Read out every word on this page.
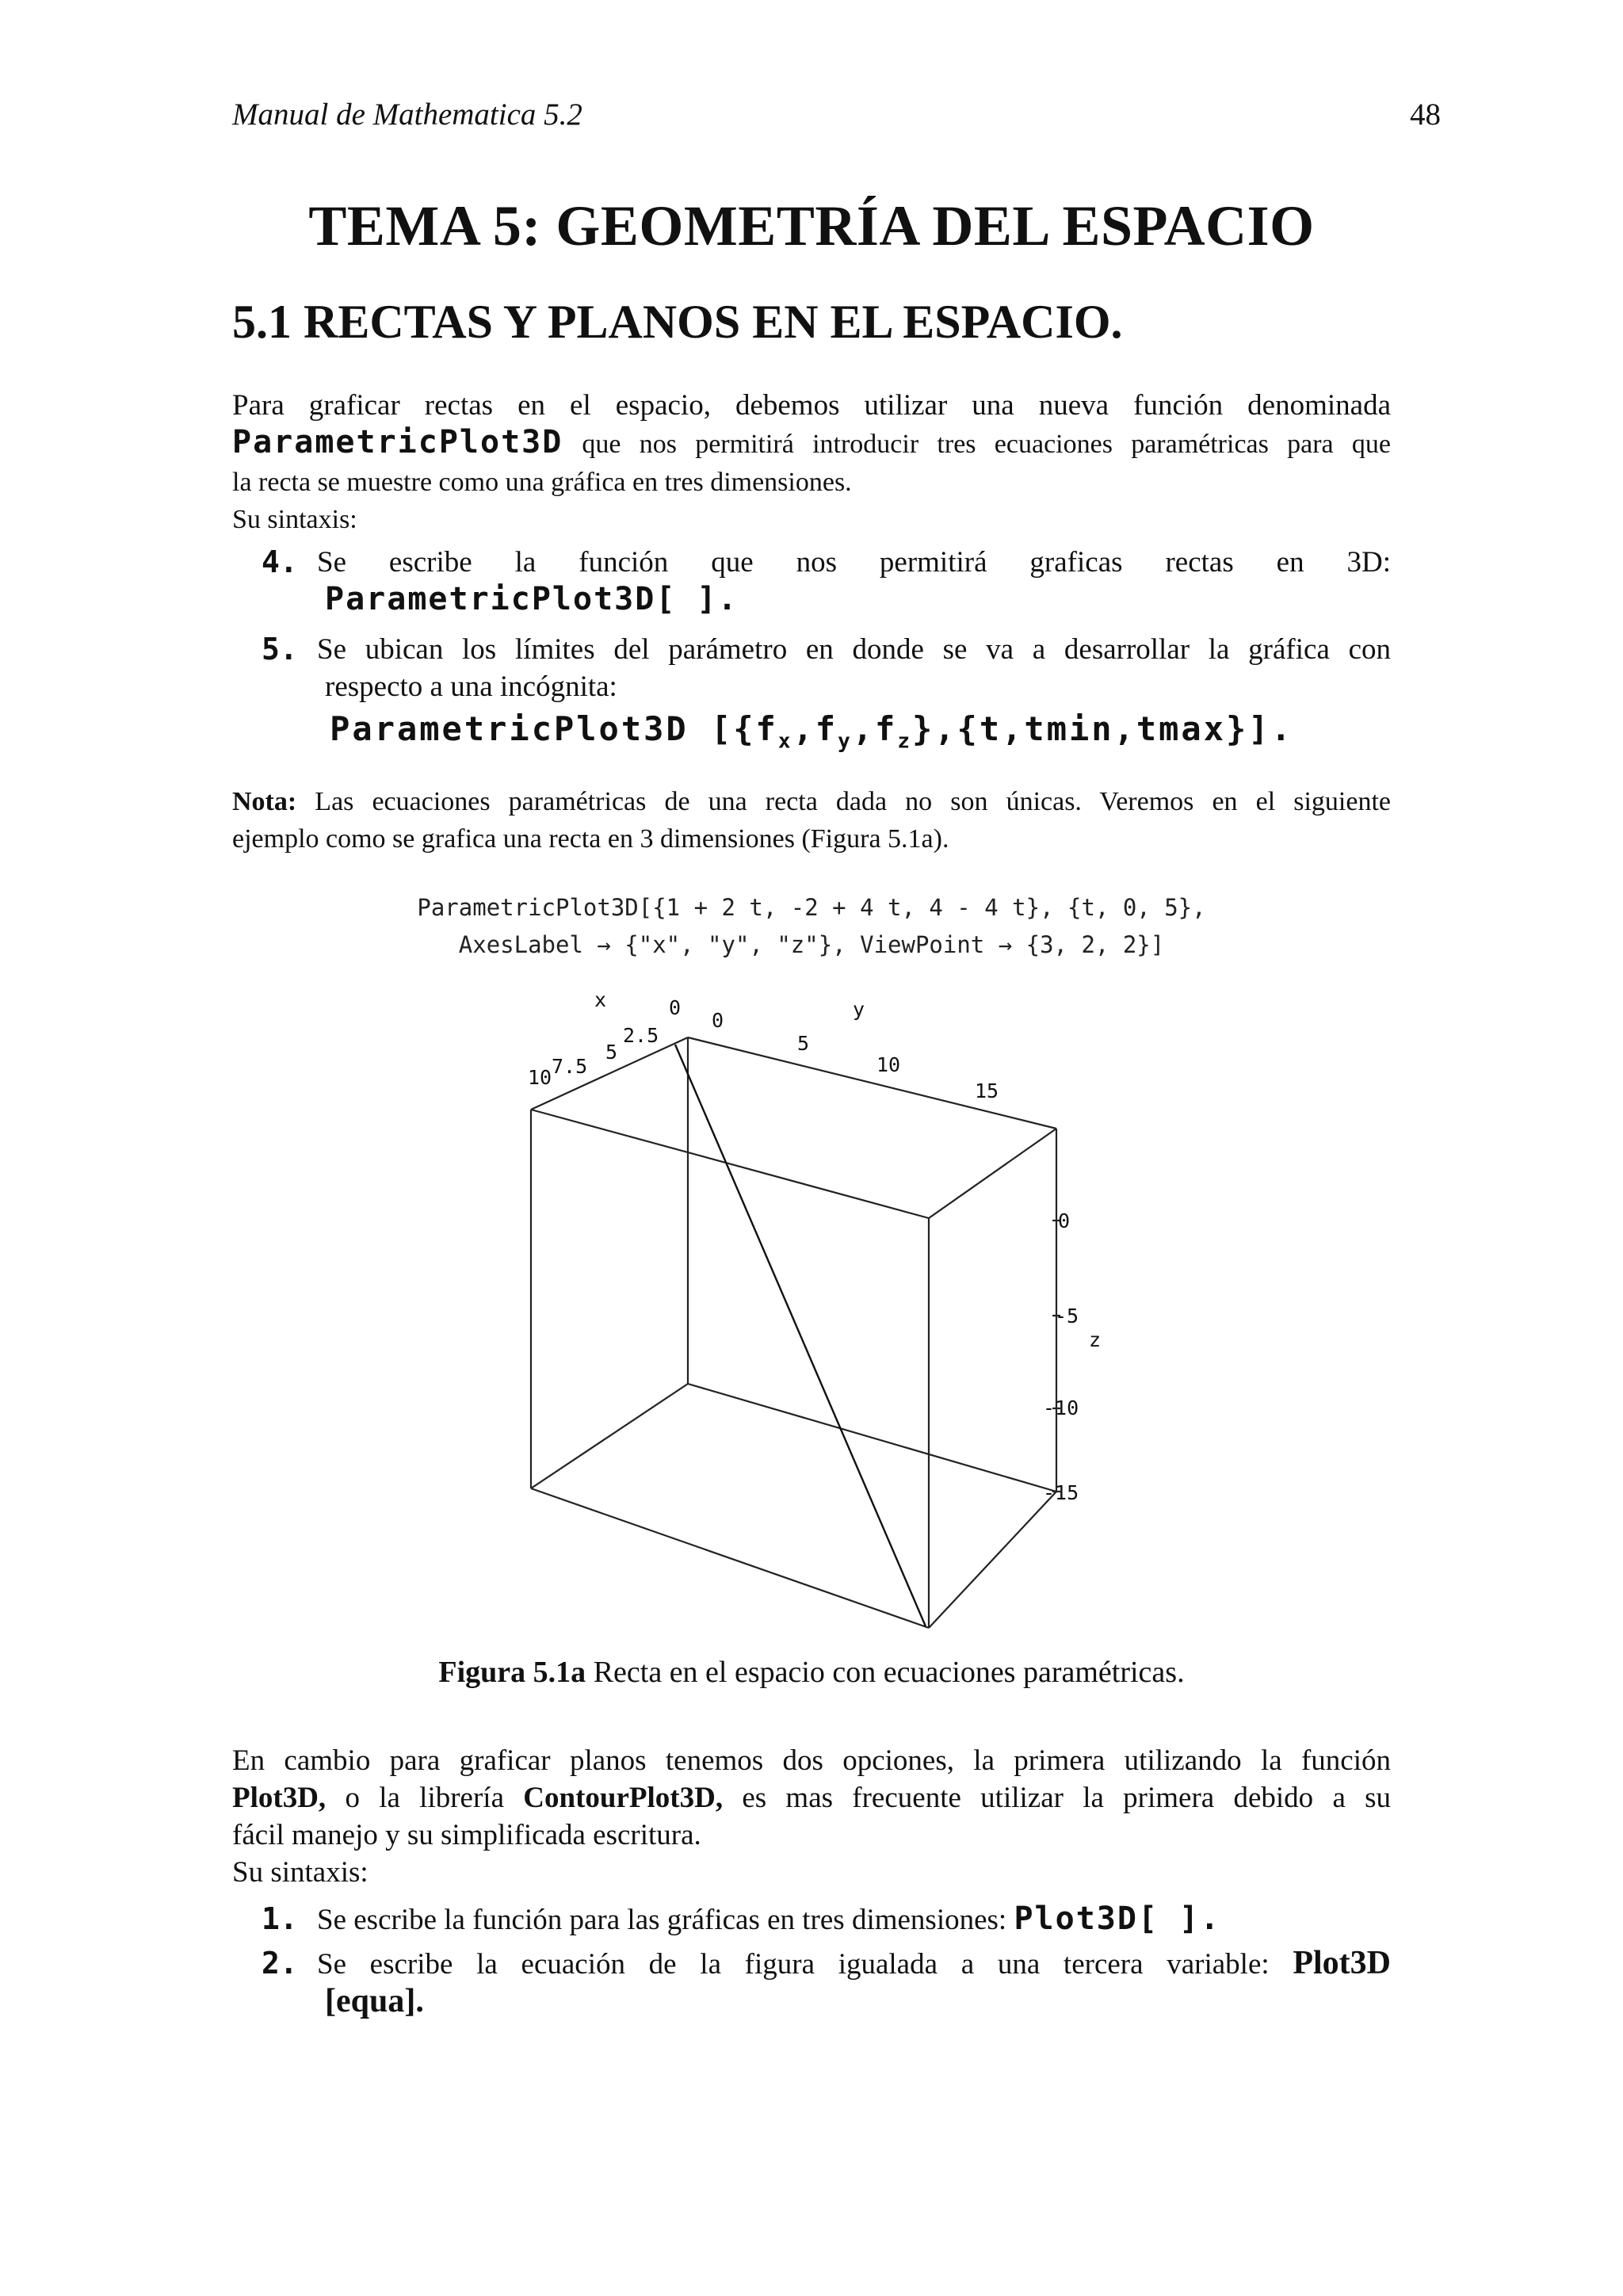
Manual de Mathematica 5.2	48
TEMA 5: GEOMETRÍA DEL ESPACIO
5.1 RECTAS Y PLANOS EN EL ESPACIO.
Para graficar rectas en el espacio, debemos utilizar una nueva función denominada
ParametricPlot3D que nos permitirá introducir tres ecuaciones paramétricas para que
la recta se muestre como una gráfica en tres dimensiones.
Su sintaxis:
4. Se escribe la función que nos permitirá graficas rectas en 3D:
ParametricPlot3D[ ].
5. Se ubican los límites del parámetro en donde se va a desarrollar la gráfica con
respecto a una incógnita:
ParametricPlot3D $[\{f_x,f_y,f_z\},\{t,tmin,tmax\}]$.
Nota: Las ecuaciones paramétricas de una recta dada no son únicas. Veremos en el siguiente
ejemplo como se grafica una recta en 3 dimensiones (Figura 5.1a).
ParametricPlot3D[{1 + 2 t, -2 + 4 t, 4 - 4 t}, {t, 0, 5},
AxesLabel → {"x", "y", "z"}, ViewPoint → {3, 2, 2}]
x
10 7.5
5
2.5
0	y
0
5
10
15
z
0
-5
-10
-15
Figura 5.1a Recta en el espacio con ecuaciones paramétricas.
En cambio para graficar planos tenemos dos opciones, la primera utilizando la función
Plot3D, o la librería ContourPlot3D, es mas frecuente utilizar la primera debido a su
fácil manejo y su simplificada escritura.
Su sintaxis:
1. Se escribe la función para las gráficas en tres dimensiones: Plot3D[ ].
2. Se escribe la ecuación de la figura igualada a una tercera variable: Plot3D
[equa].
